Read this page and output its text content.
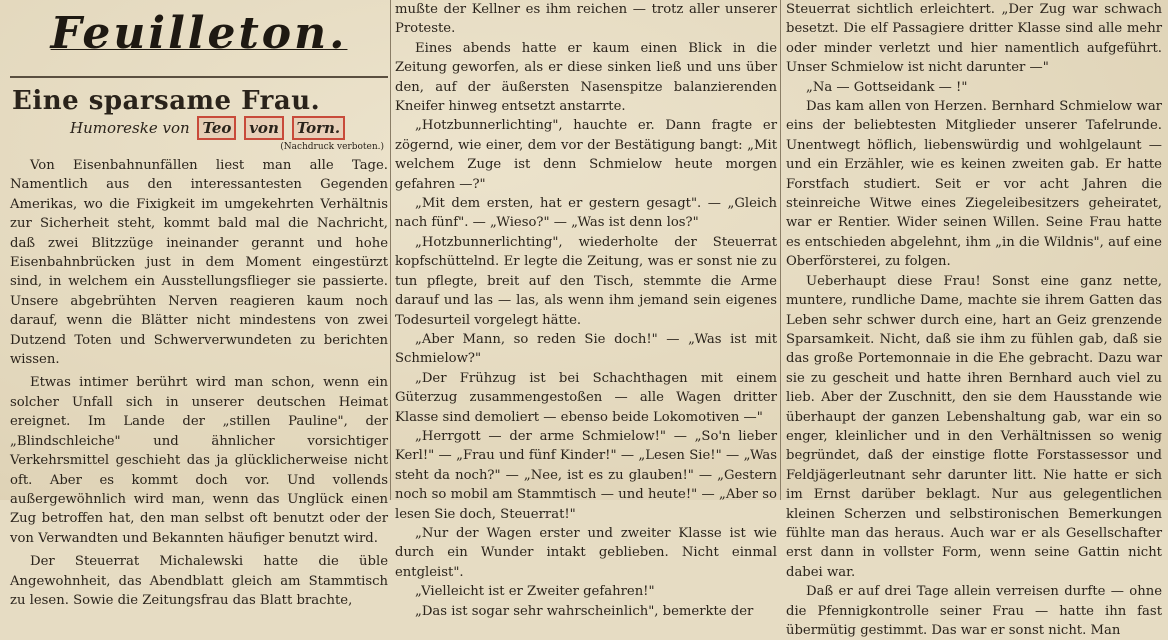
Feuilleton.
Eine sparsame Frau.
Humoreske von Teo von Torn.
(Nachdruck verboten.)

Von Eisenbahnunfällen liest man alle Tage. Namentlich aus den interessantesten Gegenden Amerikas, wo die Fixigkeit im umgekehrten Verhältnis zur Sicherheit steht, kommt bald mal die Nachricht, daß zwei Blitzzüge ineinander gerannt und hohe Eisenbahnbrücken just in dem Moment eingestürzt sind, in welchem ein Ausstellungsflieger sie passierte. Unsere abgebrühten Nerven reagieren kaum noch darauf, wenn die Blätter nicht mindestens von zwei Dutzend Toten und Schwerverwundeten zu berichten wissen.

Etwas intimer berührt wird man schon, wenn ein solcher Unfall sich in unserer deutschen Heimat ereignet. Im Lande der „stillen Pauline", der „Blindschleiche" und ähnlicher vorsichtiger Verkehrsmittel geschieht das ja glücklicherweise nicht oft. Aber es kommt doch vor. Und vollends außergewöhnlich wird man, wenn das Unglück einen Zug betroffen hat, den man selbst oft benutzt oder der von Verwandten und Bekannten häufiger benutzt wird.

Der Steuerrat Michalewski hatte die üble Angewohnheit, das Abendblatt gleich am Stammtisch zu lesen. Sowie die Zeitungsfrau das Blatt brachte,

mußte der Kellner es ihm reichen — trotz aller unserer Proteste.

Eines abends hatte er kaum einen Blick in die Zeitung geworfen, als er diese sinken ließ und uns über den, auf der äußersten Nasenspitze balanzierenden Kneifer hinweg entsetzt anstarrte.

„Hotzbunnerlichting", hauchte er. Dann fragte er zögernd, wie einer, dem vor der Bestätigung bangt: „Mit welchem Zuge ist denn Schmielow heute morgen gefahren —?"

„Mit dem ersten, hat er gestern gesagt". — „Gleich nach fünf". — „Wieso?" — „Was ist denn los?"

„Hotzbunnerlichting", wiederholte der Steuerrat kopfschüttelnd. Er legte die Zeitung, was er sonst nie zu tun pflegte, breit auf den Tisch, stemmte die Arme darauf und las — las, als wenn ihm jemand sein eigenes Todesurteil vorgelegt hätte.

„Aber Mann, so reden Sie doch!" — „Was ist mit Schmielow?"

„Der Frühzug ist bei Schachthagen mit einem Güterzug zusammengestoßen — alle Wagen dritter Klasse sind demoliert — ebenso beide Lokomotiven —"

„Herrgott — der arme Schmielow!" — „So'n lieber Kerl!" — „Frau und fünf Kinder!" — „Lesen Sie!" — „Was steht da noch?" — „Nee, ist es zu glauben!" — „Gestern noch so mobil am Stammtisch — und heute!" — „Aber so lesen Sie doch, Steuerrat!"

„Nur der Wagen erster und zweiter Klasse ist wie durch ein Wunder intakt geblieben. Nicht einmal entgleist".

„Vielleicht ist er Zweiter gefahren!"

„Das ist sogar sehr wahrscheinlich", bemerkte der

Steuerrat sichtlich erleichtert. „Der Zug war schwach besetzt. Die elf Passagiere dritter Klasse sind alle mehr oder minder verletzt und hier namentlich aufgeführt. Unser Schmielow ist nicht darunter —"

„Na — Gottseidank — !"

Das kam allen von Herzen. Bernhard Schmielow war eins der beliebtesten Mitglieder unserer Tafelrunde. Unentwegt höflich, liebenswürdig und wohlgelaunt — und ein Erzähler, wie es keinen zweiten gab. Er hatte Forstfach studiert. Seit er vor acht Jahren die steinreiche Witwe eines Ziegeleibesitzers geheiratet, war er Rentier. Wider seinen Willen. Seine Frau hatte es entschieden abgelehnt, ihm „in die Wildnis", auf eine Oberförsterei, zu folgen.

Ueberhaupt diese Frau! Sonst eine ganz nette, muntere, rundliche Dame, machte sie ihrem Gatten das Leben sehr schwer durch eine, hart an Geiz grenzende Sparsamkeit. Nicht, daß sie ihm zu fühlen gab, daß sie das große Portemonnaie in die Ehe gebracht. Dazu war sie zu gescheit und hatte ihren Bernhard auch viel zu lieb. Aber der Zuschnitt, den sie dem Hausstande wie überhaupt der ganzen Lebenshaltung gab, war ein so enger, kleinlicher und in den Verhältnissen so wenig begründet, daß der einstige flotte Forstassessor und Feldjägerleutnant sehr darunter litt. Nie hatte er sich im Ernst darüber beklagt. Nur aus gelegentlichen kleinen Scherzen und selbstironischen Bemerkungen fühlte man das heraus. Auch war er als Gesellschafter erst dann in vollster Form, wenn seine Gattin nicht dabei war.

Daß er auf drei Tage allein verreisen durfte — ohne die Pfennigkontrolle seiner Frau — hatte ihn fast übermütig gestimmt. Das war er sonst nicht. Man
